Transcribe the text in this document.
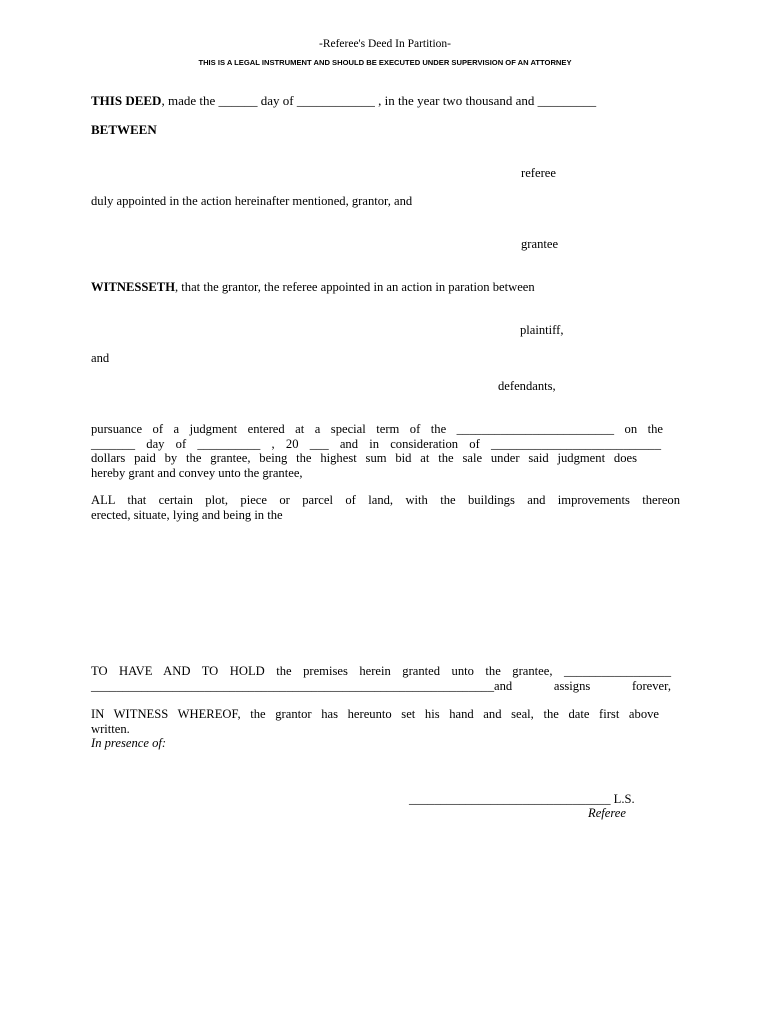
-Referee's Deed In Partition-
THIS IS A LEGAL INSTRUMENT AND SHOULD BE EXECUTED UNDER SUPERVISION OF AN ATTORNEY
THIS DEED, made the ______ day of ____________ , in the year two thousand and _________
BETWEEN
referee
duly appointed in the action hereinafter mentioned, grantor, and
grantee
WITNESSETH, that the grantor, the referee appointed in an action in paration between
plaintiff,
and
defendants,
pursuance of a judgment entered at a special term of the _________________________ on the
_______ day of __________ , 20 ___ and in consideration of ___________________________
dollars paid by the grantee, being the highest sum bid at the sale under said judgment does
hereby grant and convey unto the grantee,
ALL that certain plot, piece or parcel of land, with the buildings and improvements thereon
erected, situate, lying and being in the
TO HAVE AND TO HOLD the premises herein granted unto the grantee, _________________
________________________________________________________________and assigns forever,
IN WITNESS WHEREOF, the grantor has hereunto set his hand and seal, the date first above
written.
In presence of:
________________________________ L.S.
Referee
